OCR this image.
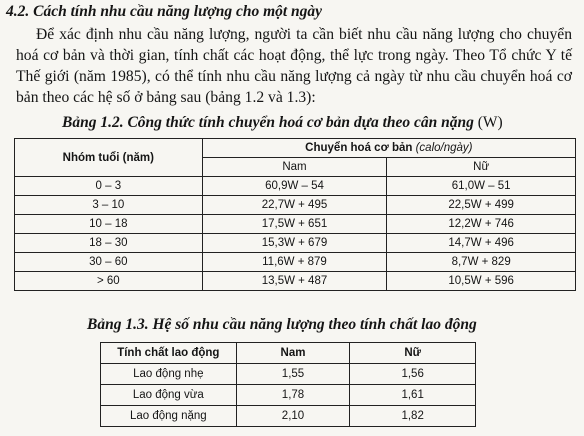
4.2. Cách tính nhu cầu năng lượng cho một ngày
Để xác định nhu cầu năng lượng, người ta cần biết nhu cầu năng lượng cho chuyển hoá cơ bản và thời gian, tính chất các hoạt động, thể lực trong ngày. Theo Tổ chức Y tế Thế giới (năm 1985), có thể tính nhu cầu năng lượng cả ngày từ nhu cầu chuyển hoá cơ bản theo các hệ số ở bảng sau (bảng 1.2 và 1.3):
Bảng 1.2. Công thức tính chuyển hoá cơ bản dựa theo cân nặng (W)
Nhóm tuổi (năm)	Chuyển hoá cơ bản (calo/ngày)	
	Nam	Nữ
0 – 3	60,9W – 54	61,0W – 51
3 – 10	22,7W + 495	22,5W + 499
10 – 18	17,5W + 651	12,2W + 746
18 – 30	15,3W + 679	14,7W + 496
30 – 60	11,6W + 879	8,7W + 829
> 60	13,5W + 487	10,5W + 596
Bảng 1.3. Hệ số nhu cầu năng lượng theo tính chất lao động
Tính chất lao động	Nam	Nữ
Lao động nhẹ	1,55	1,56
Lao động vừa	1,78	1,61
Lao động nặng	2,10	1,82
